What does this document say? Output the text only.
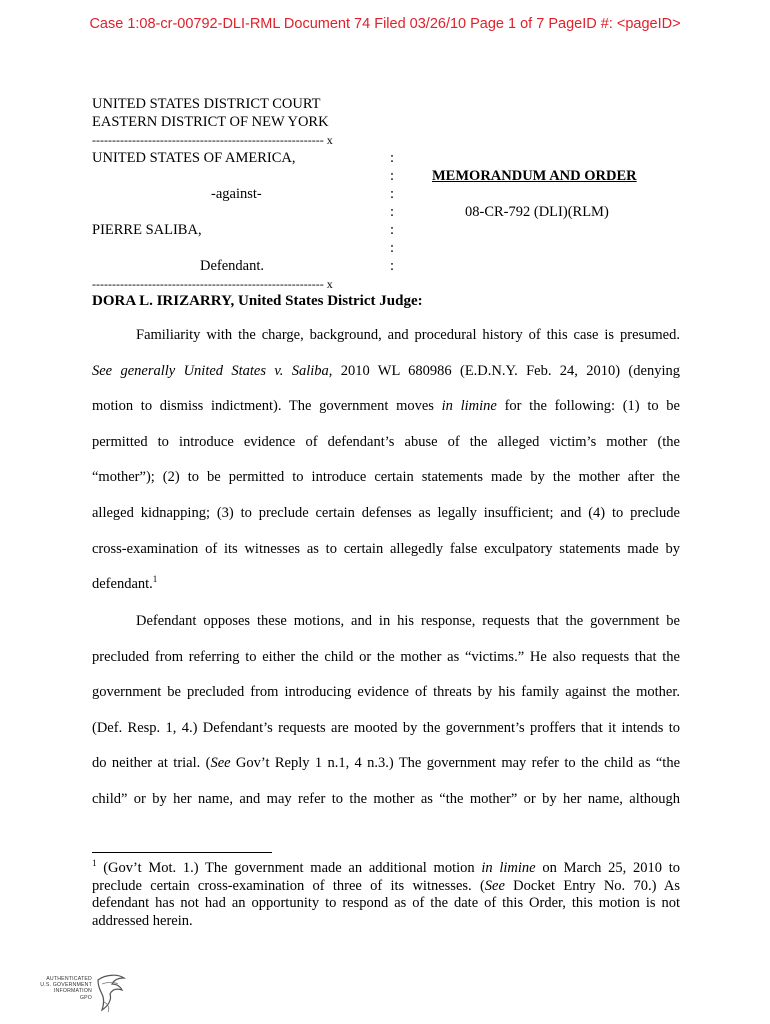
Case 1:08-cr-00792-DLI-RML Document 74 Filed 03/26/10 Page 1 of 7 PageID #: <pageID>
UNITED STATES DISTRICT COURT
EASTERN DISTRICT OF NEW YORK
---------------------------------------------------------- x
UNITED STATES OF AMERICA,
-against-
PIERRE SALIBA,
Defendant.
---------------------------------------------------------- x
:
:
:
:
:
:
:
MEMORANDUM AND ORDER
08-CR-792 (DLI)(RLM)
DORA L. IRIZARRY, United States District Judge:
Familiarity with the charge, background, and procedural history of this case is presumed.
See generally United States v. Saliba, 2010 WL 680986 (E.D.N.Y. Feb. 24, 2010) (denying
motion to dismiss indictment). The government moves in limine for the following: (1) to be
permitted to introduce evidence of defendant’s abuse of the alleged victim’s mother (the
“mother”); (2) to be permitted to introduce certain statements made by the mother after the
alleged kidnapping; (3) to preclude certain defenses as legally insufficient; and (4) to preclude
cross-examination of its witnesses as to certain allegedly false exculpatory statements made by
defendant.$^1$
Defendant opposes these motions, and in his response, requests that the government be
precluded from referring to either the child or the mother as “victims.” He also requests that the
government be precluded from introducing evidence of threats by his family against the mother.
(Def. Resp. 1, 4.) Defendant’s requests are mooted by the government’s proffers that it intends to
do neither at trial. (See Gov’t Reply 1 n.1, 4 n.3.) The government may refer to the child as “the
child” or by her name, and may refer to the mother as “the mother” or by her name, although
$^1$ (Gov’t Mot. 1.) The government made an additional motion in limine on March 25, 2010 to
preclude certain cross-examination of three of its witnesses. (See Docket Entry No. 70.) As
defendant has not had an opportunity to respond as of the date of this Order, this motion is not
addressed herein.
AUTHENTICATED
U.S. GOVERNMENT
INFORMATION
GPO
